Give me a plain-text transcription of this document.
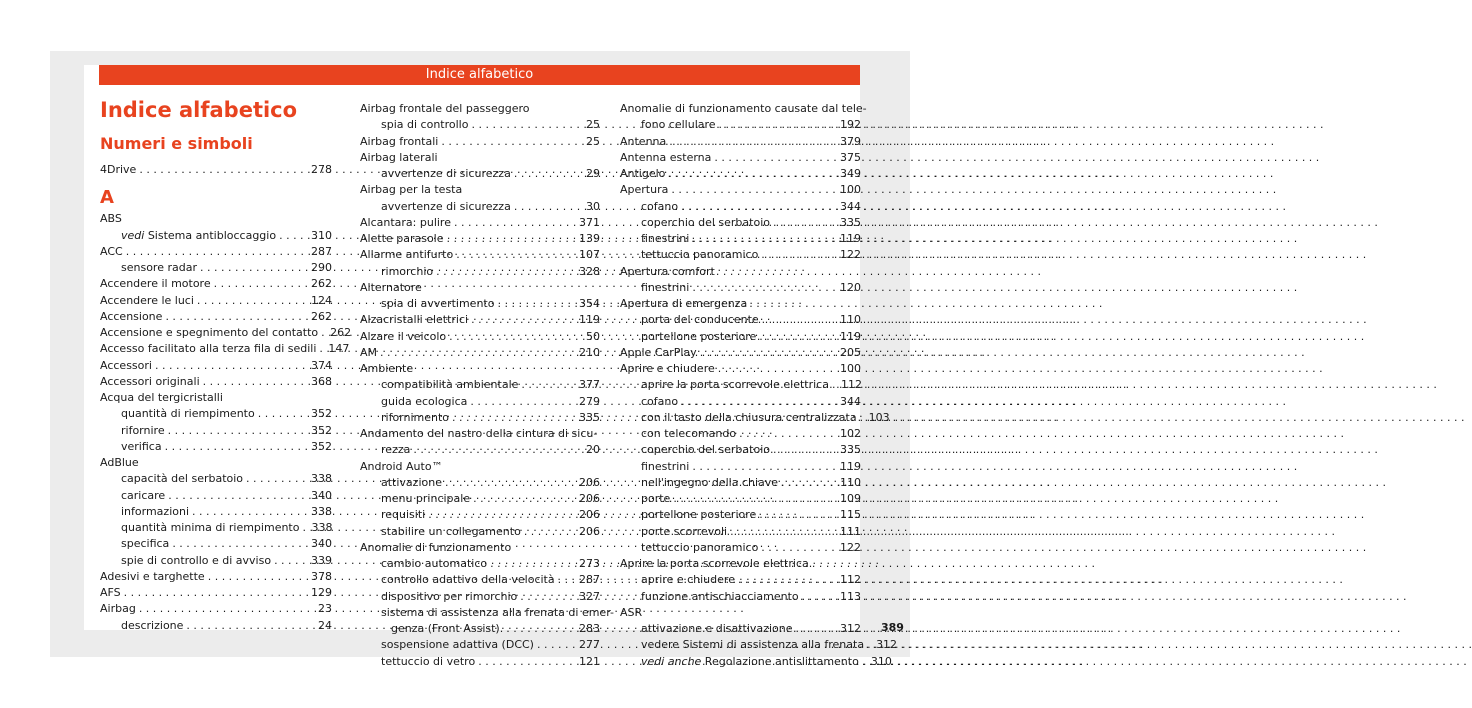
Indice alfabetico
Indice alfabetico
Numeri e simboli
4Drive . . .	278
A
ABS
vedi Sistema antibloccaggio . . .	310
ACC . . .	287
sensore radar . . .	290
Accendere il motore . . .	262
Accendere le luci . . .	124
Accensione . . .	262
Accensione e spegnimento del contatto . . . 262
Accesso facilitato alla terza fila di sedili . . . 147
Accessori . . .	374
Accessori originali . . .	368
Acqua del tergicristalli
quantità di riempimento . . .	352
rifornire . . .	352
verifica . . .	352
AdBlue
capacità del serbatoio . . .	338
caricare . . .	340
informazioni . . .	338
quantità minima di riempimento . . . 338
specifica . . .	340
spie di controllo e di avviso . . .	339
Adesivi e targhette . . .	378
AFS . . .	129
Airbag . . .	23
descrizione . . .	24
Airbag frontale del passeggero
spia di controllo . . .	25
Airbag frontali . . .	25
Airbag laterali
avvertenze di sicurezza . . .	29
Airbag per la testa
avvertenze di sicurezza . . .	30
Alcantara: pulire . . .	371
Alette parasole . . .	139
Allarme antifurto . . .	107
rimorchio . . .	328
Alternatore
spia di avvertimento . . .	354
Alzacristalli elettrici . . .	119
Alzare il veicolo . . .	50
AM . . .	210
Ambiente
compatibilità ambientale . . .	377
guida ecologica . . .	279
rifornimento . . .	335
Andamento del nastro della cintura di sicu-
rezza . . .	20
Android Auto™
attivazione . . .	206
menu principale . . .	206
requisiti . . .	206
stabilire un collegamento . . .	206
Anomalie di funzionamento
cambio automatico . . .	273
controllo adattivo della velocità . . . 287
dispositivo per rimorchio . . .	327
sistema di assistenza alla frenata di emer-
genza (Front Assist). . . .	283
sospensione adattiva (DCC) . . .	277
tettuccio di vetro . . .	121
Anomalie di funzionamento causate dal tele-
fono cellulare . . .	192
Antenna . . .	379
Antenna esterna . . .	375
Antigelo . . .	349
Apertura . . .	100
cofano . . .	344
coperchio del serbatoio . . .	335
finestrini . . .	119
tettuccio panoramico . . .	122
Apertura comfort
finestrini . . .	120
Apertura di emergenza
porta del conducente . . .	110
portellone posteriore . . .	119
Apple CarPlay . . .	205
Aprire e chiudere . . .	100
aprire la porta scorrevole elettrica . . . 112
cofano . . .	344
con il tasto della chiusura centralizzata . . . 103
con telecomando . . .	102
coperchio del serbatoio . . .	335
finestrini . . .	119
nell'ingegno della chiave . . .	110
porte . . .	109
portellone posteriore . . .	115
porte scorrevoli . . .	111
tettuccio panoramico . . .	122
Aprire la porta scorrevole elettrica.
aprire e chiudere . . .	112
funzione antischiacciamento . . .	113
ASR
attivazione e disattivazione . . .	312
vedere Sistemi di assistenza alla frenata . . . 312
vedi anche Regolazione antislittamento . . . 310
389
